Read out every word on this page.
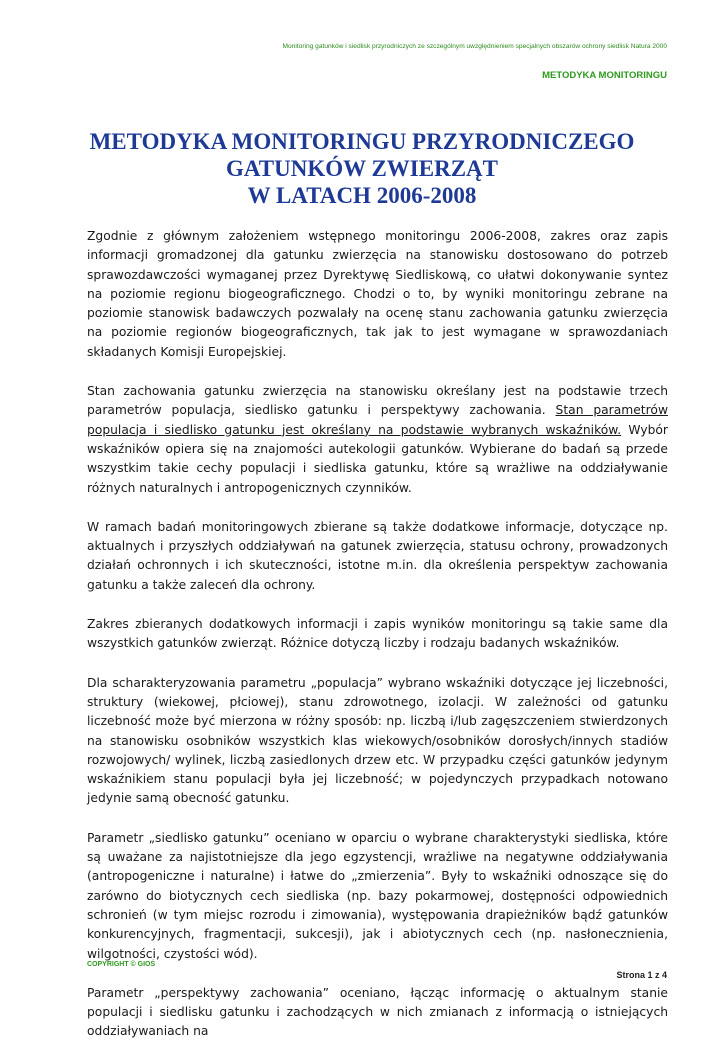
Monitoring gatunków i siedlisk przyrodniczych ze szczególnym uwzględnieniem specjalnych obszarów ochrony siedlisk Natura 2000
METODYKA MONITORINGU
METODYKA MONITORINGU PRZYRODNICZEGO
GATUNKÓW ZWIERZĄT
W LATACH 2006-2008

Zgodnie z głównym założeniem wstępnego monitoringu 2006-2008, zakres oraz zapis informacji gromadzonej dla gatunku zwierzęcia na stanowisku dostosowano do potrzeb sprawozdawczości wymaganej przez Dyrektywę Siedliskową, co ułatwi dokonywanie syntez na poziomie regionu biogeograficznego. Chodzi o to, by wyniki monitoringu zebrane na poziomie stanowisk badawczych pozwalały na ocenę stanu zachowania gatunku zwierzęcia na poziomie regionów biogeograficznych, tak jak to jest wymagane w sprawozdaniach składanych Komisji Europejskiej.

Stan zachowania gatunku zwierzęcia na stanowisku określany jest na podstawie trzech parametrów populacja, siedlisko gatunku i perspektywy zachowania. Stan parametrów populacja i siedlisko gatunku jest określany na podstawie wybranych wskaźników. Wybór wskaźników opiera się na znajomości autekologii gatunków. Wybierane do badań są przede wszystkim takie cechy populacji i siedliska gatunku, które są wrażliwe na oddziaływanie różnych naturalnych i antropogenicznych czynników.

W ramach badań monitoringowych zbierane są także dodatkowe informacje, dotyczące np. aktualnych i przyszłych oddziaływań na gatunek zwierzęcia, statusu ochrony, prowadzonych działań ochronnych i ich skuteczności, istotne m.in. dla określenia perspektyw zachowania gatunku a także zaleceń dla ochrony.

Zakres zbieranych dodatkowych informacji i zapis wyników monitoringu są takie same dla wszystkich gatunków zwierząt. Różnice dotyczą liczby i rodzaju badanych wskaźników.

Dla scharakteryzowania parametru „populacja” wybrano wskaźniki dotyczące jej liczebności, struktury (wiekowej, płciowej), stanu zdrowotnego, izolacji. W zależności od gatunku liczebność może być mierzona w różny sposób: np. liczbą i/lub zagęszczeniem stwierdzonych na stanowisku osobników wszystkich klas wiekowych/osobników dorosłych/innych stadiów rozwojowych/ wylinek, liczbą zasiedlonych drzew etc. W przypadku części gatunków jedynym wskaźnikiem stanu populacji była jej liczebność; w pojedynczych przypadkach notowano jedynie samą obecność gatunku.

Parametr „siedlisko gatunku” oceniano w oparciu o wybrane charakterystyki siedliska, które są uważane za najistotniejsze dla jego egzystencji, wrażliwe na negatywne oddziaływania (antropogeniczne i naturalne) i łatwe do „zmierzenia”. Były to wskaźniki odnoszące się do zarówno do biotycznych cech siedliska (np. bazy pokarmowej, dostępności odpowiednich schronień (w tym miejsc rozrodu i zimowania), występowania drapieżników bądź gatunków konkurencyjnych, fragmentacji, sukcesji), jak i abiotycznych cech (np. nasłonecznienia, wilgotności, czystości wód).

Parametr „perspektywy zachowania” oceniano, łącząc informację o aktualnym stanie populacji i siedlisku gatunku i zachodzących w nich zmianach z informacją o istniejących oddziaływaniach na

COPYRIGHT © GIOŚ
Strona 1 z 4
